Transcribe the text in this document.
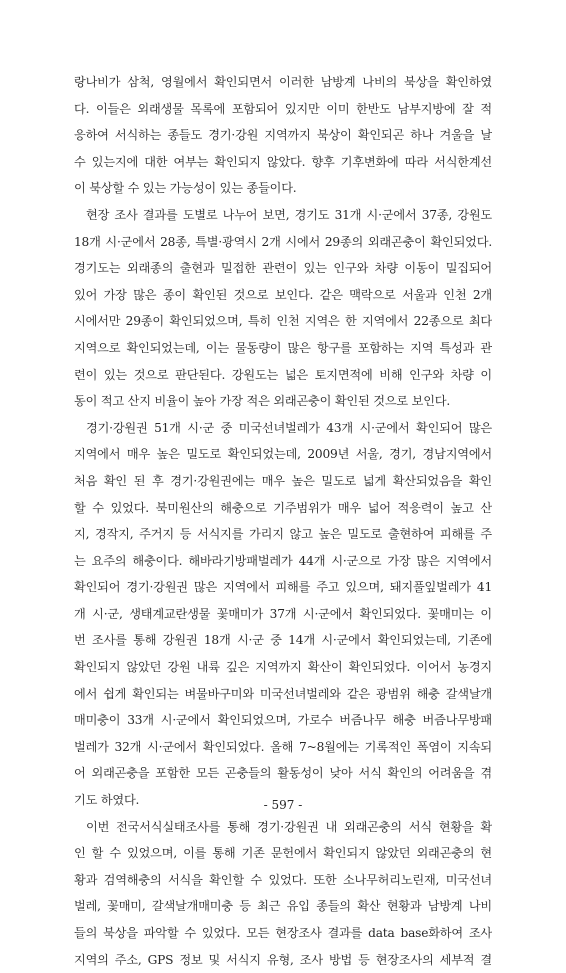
랑나비가 삼척, 영월에서 확인되면서 이러한 남방계 나비의 북상을 확인하였
다. 이들은 외래생물 목록에 포함되어 있지만 이미 한반도 남부지방에 잘 적
응하여 서식하는 종들도 경기·강원 지역까지 북상이 확인되곤 하나 겨울을 날
수 있는지에 대한 여부는 확인되지 않았다. 향후 기후변화에 따라 서식한계선
이 북상할 수 있는 가능성이 있는 종들이다.
현장 조사 결과를 도별로 나누어 보면, 경기도 31개 시·군에서 37종, 강원도
18개 시·군에서 28종, 특별·광역시 2개 시에서 29종의 외래곤충이 확인되었다.
경기도는 외래종의 출현과 밀접한 관련이 있는 인구와 차량 이동이 밀집되어
있어 가장 많은 종이 확인된 것으로 보인다. 같은 맥락으로 서울과 인천 2개
시에서만 29종이 확인되었으며, 특히 인천 지역은 한 지역에서 22종으로 최다
지역으로 확인되었는데, 이는 물동량이 많은 항구를 포함하는 지역 특성과 관
련이 있는 것으로 판단된다. 강원도는 넓은 토지면적에 비해 인구와 차량 이
동이 적고 산지 비율이 높아 가장 적은 외래곤충이 확인된 것으로 보인다.
경기·강원권 51개 시·군 중 미국선녀벌레가 43개 시·군에서 확인되어 많은
지역에서 매우 높은 밀도로 확인되었는데, 2009년 서울, 경기, 경남지역에서
처음 확인 된 후 경기·강원권에는 매우 높은 밀도로 넓게 확산되었음을 확인
할 수 있었다. 북미원산의 해충으로 기주범위가 매우 넓어 적응력이 높고 산
지, 경작지, 주거지 등 서식지를 가리지 않고 높은 밀도로 출현하여 피해를 주
는 요주의 해충이다. 해바라기방패벌레가 44개 시·군으로 가장 많은 지역에서
확인되어 경기·강원권 많은 지역에서 피해를 주고 있으며, 돼지풀잎벌레가 41
개 시·군, 생태계교란생물 꽃매미가 37개 시·군에서 확인되었다. 꽃매미는 이
번 조사를 통해 강원권 18개 시·군 중 14개 시·군에서 확인되었는데, 기존에
확인되지 않았던 강원 내륙 깊은 지역까지 확산이 확인되었다. 이어서 농경지
에서 쉽게 확인되는 벼물바구미와 미국선녀벌레와 같은 광범위 해충 갈색날개
매미충이 33개 시·군에서 확인되었으며, 가로수 버즘나무 해충 버즘나무방패
벌레가 32개 시·군에서 확인되었다. 올해 7~8월에는 기록적인 폭염이 지속되
어 외래곤충을 포함한 모든 곤충들의 활동성이 낮아 서식 확인의 어려움을 겪
기도 하였다.
이번 전국서식실태조사를 통해 경기·강원권 내 외래곤충의 서식 현황을 확
인 할 수 있었으며, 이를 통해 기존 문헌에서 확인되지 않았던 외래곤충의 현
황과 검역해충의 서식을 확인할 수 있었다. 또한 소나무허리노린재, 미국선녀
벌레, 꽃매미, 갈색날개매미충 등 최근 유입 종들의 확산 현황과 남방계 나비
들의 북상을 파악할 수 있었다. 모든 현장조사 결과를 data base화하여 조사
지역의 주소, GPS 정보 및 서식지 유형, 조사 방법 등 현장조사의 세부적 결
- 597 -
